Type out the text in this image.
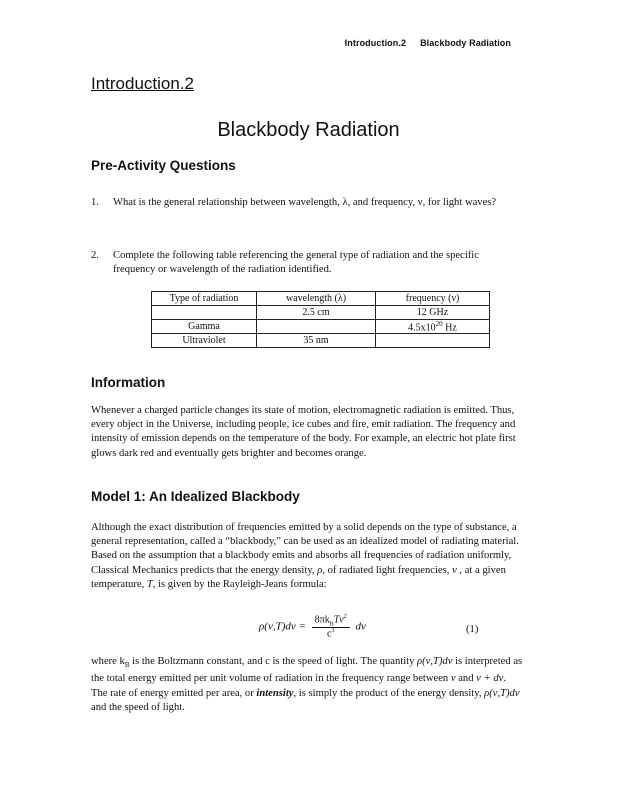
Introduction.2 Blackbody Radiation
Introduction.2
Blackbody Radiation
Pre-Activity Questions
1. What is the general relationship between wavelength, λ, and frequency, ν, for light waves?
2. Complete the following table referencing the general type of radiation and the specific frequency or wavelength of the radiation identified.
Type of radiation	wavelength (λ)	frequency (ν)
	2.5 cm	12 GHz
Gamma		$4.5x10^{20}$ Hz
Ultraviolet	35 nm	
Information
Whenever a charged particle changes its state of motion, electromagnetic radiation is emitted. Thus, every object in the Universe, including people, ice cubes and fire, emit radiation. The frequency and intensity of emission depends on the temperature of the body. For example, an electric hot plate first glows dark red and eventually gets brighter and becomes orange.
Model 1: An Idealized Blackbody
Although the exact distribution of frequencies emitted by a solid depends on the type of substance, a general representation, called a “blackbody,” can be used as an idealized model of radiating material. Based on the assumption that a blackbody emits and absorbs all frequencies of radiation uniformly, Classical Mechanics predicts that the energy density, ρ, of radiated light frequencies, ν , at a given temperature, T, is given by the Rayleigh-Jeans formula:
$\rho(\nu,T)d\nu = \frac{8\pi k_BT\nu^2}{c^3}$ dν	(1)
where $k_B$ is the Boltzmann constant, and c is the speed of light. The quantity ρ(ν,T)dν is interpreted as the total energy emitted per unit volume of radiation in the frequency range between ν and ν + dν. The rate of energy emitted per area, or intensity, is simply the product of the energy density, ρ(ν,T)dν and the speed of light.
